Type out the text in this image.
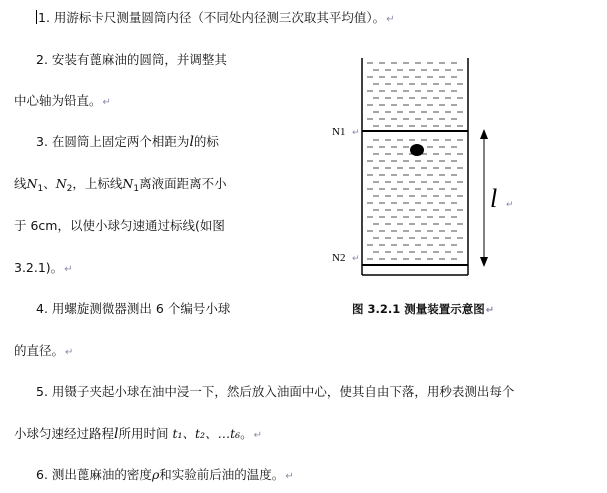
1. 用游标卡尺测量圆筒内径（不同处内径测三次取其平均值）。↵
2. 安装有蓖麻油的圆筒，并调整其
中心轴为铅直。↵
3. 在圆筒上固定两个相距为l的标
线$N_1$、$N_2$，上标线$N_1$离液面距离不小
于 6cm，以使小球匀速通过标线(如图
3.2.1)。↵
4. 用螺旋测微器测出 6 个编号小球
的直径。↵
5. 用镊子夹起小球在油中浸一下，然后放入油面中心，使其自由下落，用秒表测出每个
小球匀速经过路程l所用时间 t₁、t₂、…t₆。↵
6. 测出蓖麻油的密度ρ和实验前后油的温度。↵
N1
N2
↵
↵
l ↵
图 3.2.1 测量装置示意图↵
